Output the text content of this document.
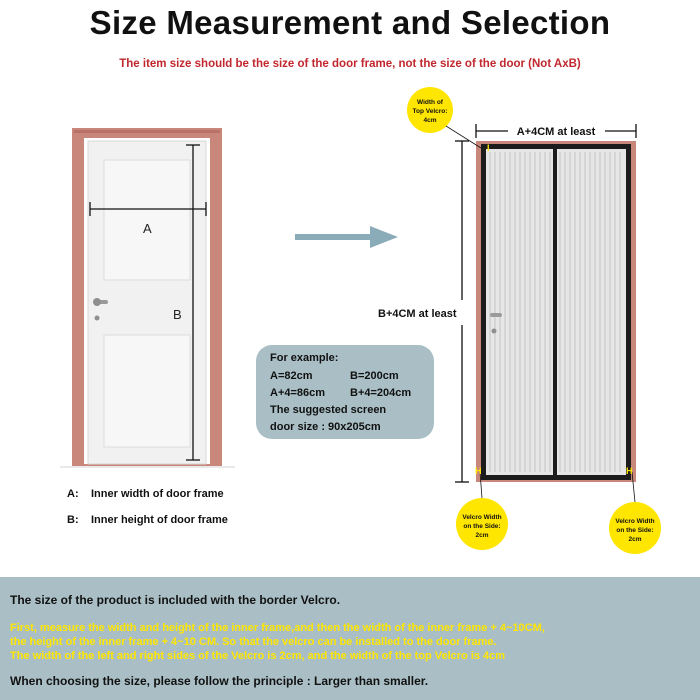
Size Measurement and Selection
The item size should be the size of the door frame, not the size of the door (Not AxB)
A
B
A+4CM at least
B+4CM at least
I
H	H
Width of
Top Velcro:
4cm
Velcro Width
on the Side:
2cm
Velcro Width
on the Side:
2cm
For example:
A=82cm	B=200cm
A+4=86cm B+4=204cm
The suggested screen
door size : 90x205cm
A: Inner width of door frame
B: Inner height of door frame
The size of the product is included with the border Velcro.
First, measure the width and height of the inner frame,and then the width of the inner frame + 4~10CM,
the height of the inner frame + 4~10 CM. So that the velcro can be installed to the door frame.
The width of the left and right sides of the Velcro is 2cm, and the width of the top Velcro is 4cm
When choosing the size, please follow the principle : Larger than smaller.
